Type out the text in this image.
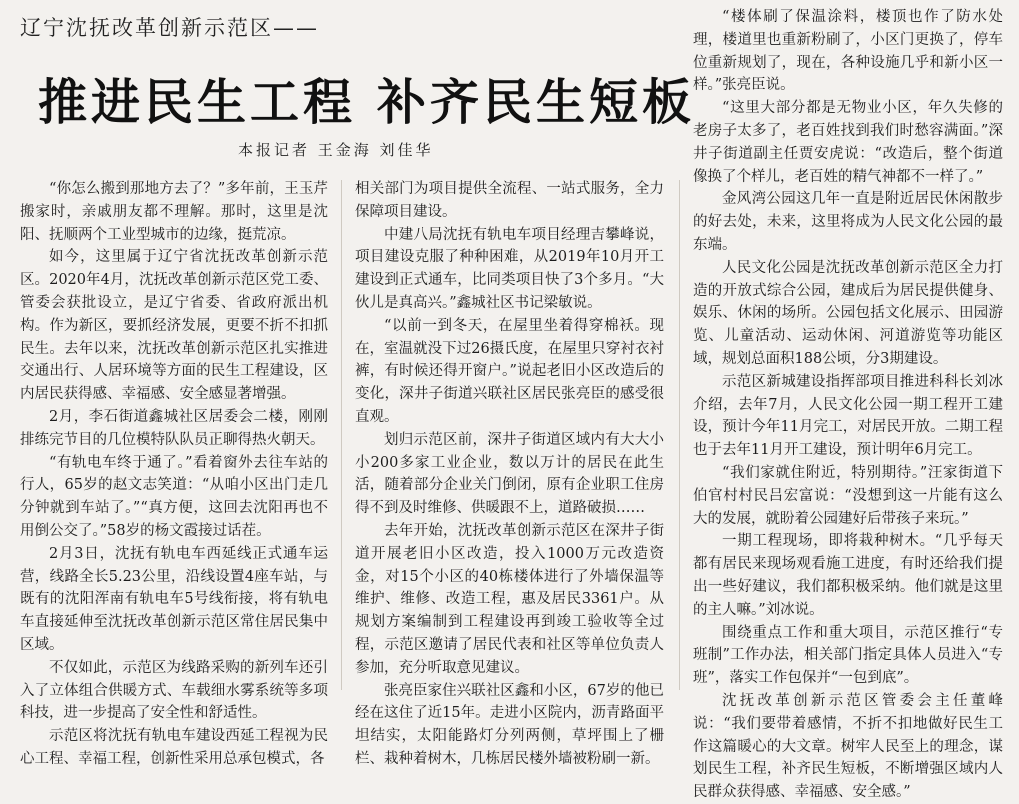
辽宁沈抚改革创新示范区——
推进民生工程 补齐民生短板
本报记者 王金海 刘佳华

“你怎么搬到那地方去了？”多年前，王玉芹搬家时，亲戚朋友都不理解。那时，这里是沈阳、抚顺两个工业型城市的边缘，挺荒凉。

如今，这里属于辽宁省沈抚改革创新示范区。2020年4月，沈抚改革创新示范区党工委、管委会获批设立，是辽宁省委、省政府派出机构。作为新区，要抓经济发展，更要不折不扣抓民生。去年以来，沈抚改革创新示范区扎实推进交通出行、人居环境等方面的民生工程建设，区内居民获得感、幸福感、安全感显著增强。

2月，李石街道鑫城社区居委会二楼，刚刚排练完节目的几位模特队队员正聊得热火朝天。

“有轨电车终于通了。”看着窗外去往车站的行人，65岁的赵文志笑道：“从咱小区出门走几分钟就到车站了。”“真方便，这回去沈阳再也不用倒公交了。”58岁的杨文霞接过话茬。

2月3日，沈抚有轨电车西延线正式通车运营，线路全长5.23公里，沿线设置4座车站，与既有的沈阳浑南有轨电车5号线衔接，将有轨电车直接延伸至沈抚改革创新示范区常住居民集中区域。

不仅如此，示范区为线路采购的新列车还引入了立体组合供暖方式、车载细水雾系统等多项科技，进一步提高了安全性和舒适性。

示范区将沈抚有轨电车建设西延工程视为民心工程、幸福工程，创新性采用总承包模式，各

相关部门为项目提供全流程、一站式服务，全力保障项目建设。

中建八局沈抚有轨电车项目经理吉攀峰说，项目建设克服了种种困难，从2019年10月开工建设到正式通车，比同类项目快了3个多月。“大伙儿是真高兴。”鑫城社区书记梁敏说。

“以前一到冬天，在屋里坐着得穿棉袄。现在，室温就没下过26摄氏度，在屋里只穿衬衣衬裤，有时候还得开窗户。”说起老旧小区改造后的变化，深井子街道兴联社区居民张亮臣的感受很直观。

划归示范区前，深井子街道区域内有大大小小200多家工业企业，数以万计的居民在此生活，随着部分企业关门倒闭，原有企业职工住房得不到及时维修、供暖跟不上，道路破损……

去年开始，沈抚改革创新示范区在深井子街道开展老旧小区改造，投入1000万元改造资金，对15个小区的40栋楼体进行了外墙保温等维护、维修、改造工程，惠及居民3361户。从规划方案编制到工程建设再到竣工验收等全过程，示范区邀请了居民代表和社区等单位负责人参加，充分听取意见建议。

张亮臣家住兴联社区鑫和小区，67岁的他已经在这住了近15年。走进小区院内，沥青路面平坦结实，太阳能路灯分列两侧，草坪围上了栅栏、栽种着树木，几栋居民楼外墙被粉刷一新。

“楼体刷了保温涂料，楼顶也作了防水处理，楼道里也重新粉刷了，小区门更换了，停车位重新规划了，现在，各种设施几乎和新小区一样。”张亮臣说。

“这里大部分都是无物业小区，年久失修的老房子太多了，老百姓找到我们时愁容满面。”深井子街道副主任贾安虎说：“改造后，整个街道像换了个样儿，老百姓的精气神都不一样了。”

金风湾公园这几年一直是附近居民休闲散步的好去处，未来，这里将成为人民文化公园的最东端。

人民文化公园是沈抚改革创新示范区全力打造的开放式综合公园，建成后为居民提供健身、娱乐、休闲的场所。公园包括文化展示、田园游览、儿童活动、运动休闲、河道游览等功能区域，规划总面积188公顷，分3期建设。

示范区新城建设指挥部项目推进科科长刘冰介绍，去年7月，人民文化公园一期工程开工建设，预计今年11月完工，对居民开放。二期工程也于去年11月开工建设，预计明年6月完工。

“我们家就住附近，特别期待。”汪家街道下伯官村村民吕宏富说：“没想到这一片能有这么大的发展，就盼着公园建好后带孩子来玩。”

一期工程现场，即将栽种树木。“几乎每天都有居民来现场观看施工进度，有时还给我们提出一些好建议，我们都积极采纳。他们就是这里的主人嘛。”刘冰说。

围绕重点工作和重大项目，示范区推行“专班制”工作办法，相关部门指定具体人员进入“专班”，落实工作包保并“一包到底”。

沈抚改革创新示范区管委会主任董峰说：“我们要带着感情，不折不扣地做好民生工作这篇暖心的大文章。树牢人民至上的理念，谋划民生工程，补齐民生短板，不断增强区域内人民群众获得感、幸福感、安全感。”
